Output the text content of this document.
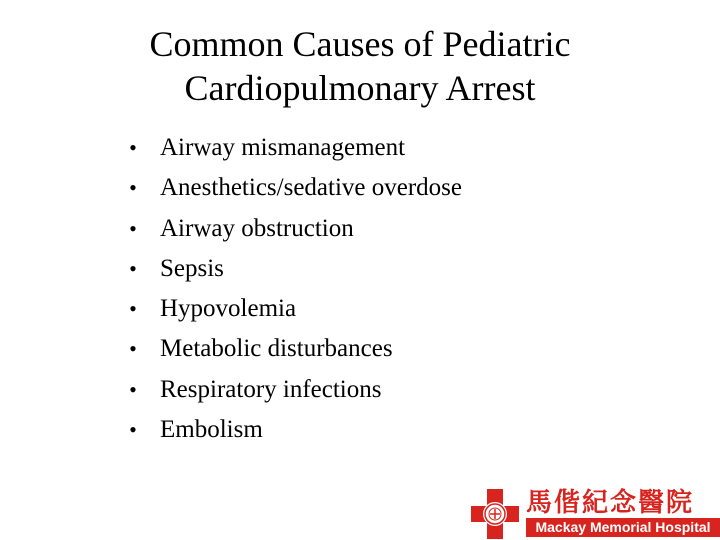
Common Causes of Pediatric
Cardiopulmonary Arrest
• Airway mismanagement
• Anesthetics/sedative overdose
• Airway obstruction
• Sepsis
• Hypovolemia
• Metabolic disturbances
• Respiratory infections
• Embolism
馬偕紀念醫院
Mackay Memorial Hospital
